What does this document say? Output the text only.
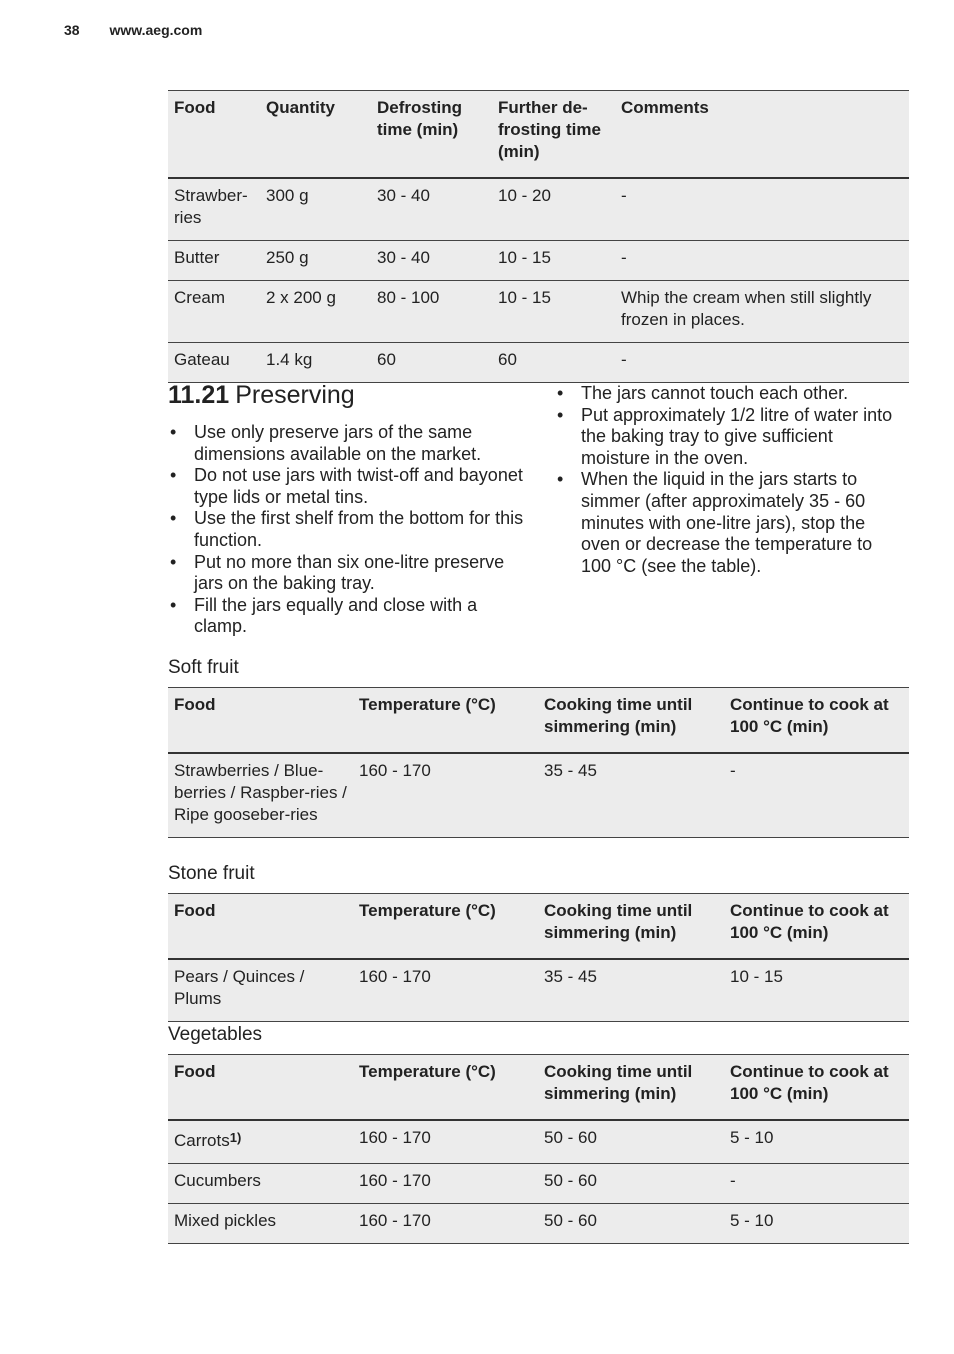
38 www.aeg.com
Food	Quantity	Defrosting time (min)	Further de-frosting time (min)	Comments
Strawber-ries	300 g	30 - 40	10 - 20	-
Butter	250 g	30 - 40	10 - 15	-
Cream	2 x 200 g	80 - 100	10 - 15	Whip the cream when still slightly frozen in places.
Gateau	1.4 kg	60	60	-
11.21 Preserving
• Use only preserve jars of the same dimensions available on the market.
• Do not use jars with twist-off and bayonet type lids or metal tins.
• Use the first shelf from the bottom for this function.
• Put no more than six one-litre preserve jars on the baking tray.
• Fill the jars equally and close with a clamp.
• The jars cannot touch each other.
• Put approximately 1/2 litre of water into the baking tray to give sufficient moisture in the oven.
• When the liquid in the jars starts to simmer (after approximately 35 - 60 minutes with one-litre jars), stop the oven or decrease the temperature to 100 °C (see the table).
Soft fruit
Food	Temperature (°C)	Cooking time until simmering (min)	Continue to cook at 100 °C (min)
Strawberries / Blue-berries / Raspber-ries / Ripe gooseber-ries	160 - 170	35 - 45	-
Stone fruit
Food	Temperature (°C)	Cooking time until simmering (min)	Continue to cook at 100 °C (min)
Pears / Quinces / Plums	160 - 170	35 - 45	10 - 15
Vegetables
Food	Temperature (°C)	Cooking time until simmering (min)	Continue to cook at 100 °C (min)
Carrots$^{1)}$	160 - 170	50 - 60	5 - 10
Cucumbers	160 - 170	50 - 60	-
Mixed pickles	160 - 170	50 - 60	5 - 10
